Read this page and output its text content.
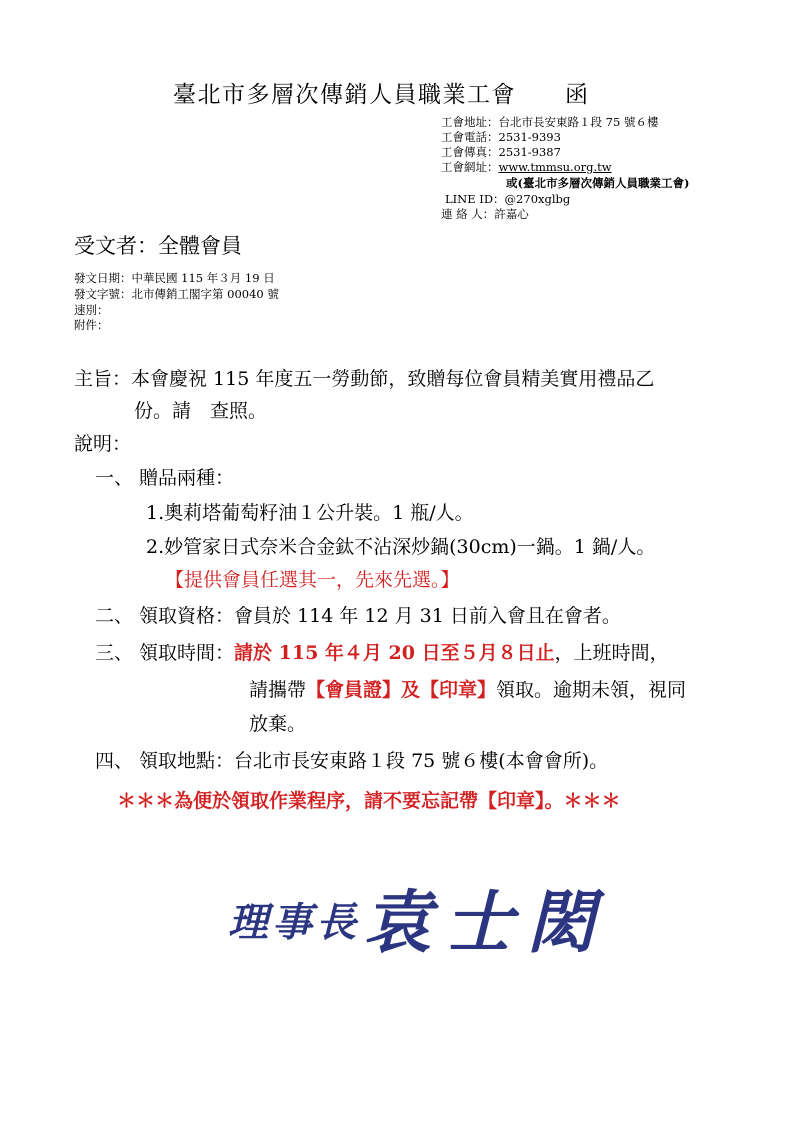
臺北市多層次傳銷人員職業工會　　函
工會地址：台北市長安東路１段 75 號６樓
工會電話：2531-9393
工會傳真：2531-9387
工會網址：www.tmmsu.org.tw
或(臺北市多層次傳銷人員職業工會)
LINE ID：@270xglbg
連 絡 人：許嘉心
受文者：全體會員
發文日期：中華民國 115 年３月 19 日
發文字號：北市傳銷工閣字第 00040 號
速別：
附件：
主旨：本會慶祝 115 年度五一勞動節，致贈每位會員精美實用禮品乙
份。請　查照。
說明：
一、 贈品兩種：
1.奧莉塔葡萄籽油１公升裝。1 瓶/人。
2.妙管家日式奈米合金鈦不沾深炒鍋(30cm)一鍋。1 鍋/人。
【提供會員任選其一，先來先選。】
二、 領取資格：會員於 114 年 12 月 31 日前入會且在會者。
三、 領取時間：請於 115 年４月 20 日至５月８日止，上班時間，
請攜帶【會員證】及【印章】領取。逾期未領，視同
放棄。
四、 領取地點：台北市長安東路１段 75 號６樓(本會會所)。
＊＊＊為便於領取作業程序，請不要忘記帶【印章】。＊＊＊
理事長 袁士閎
